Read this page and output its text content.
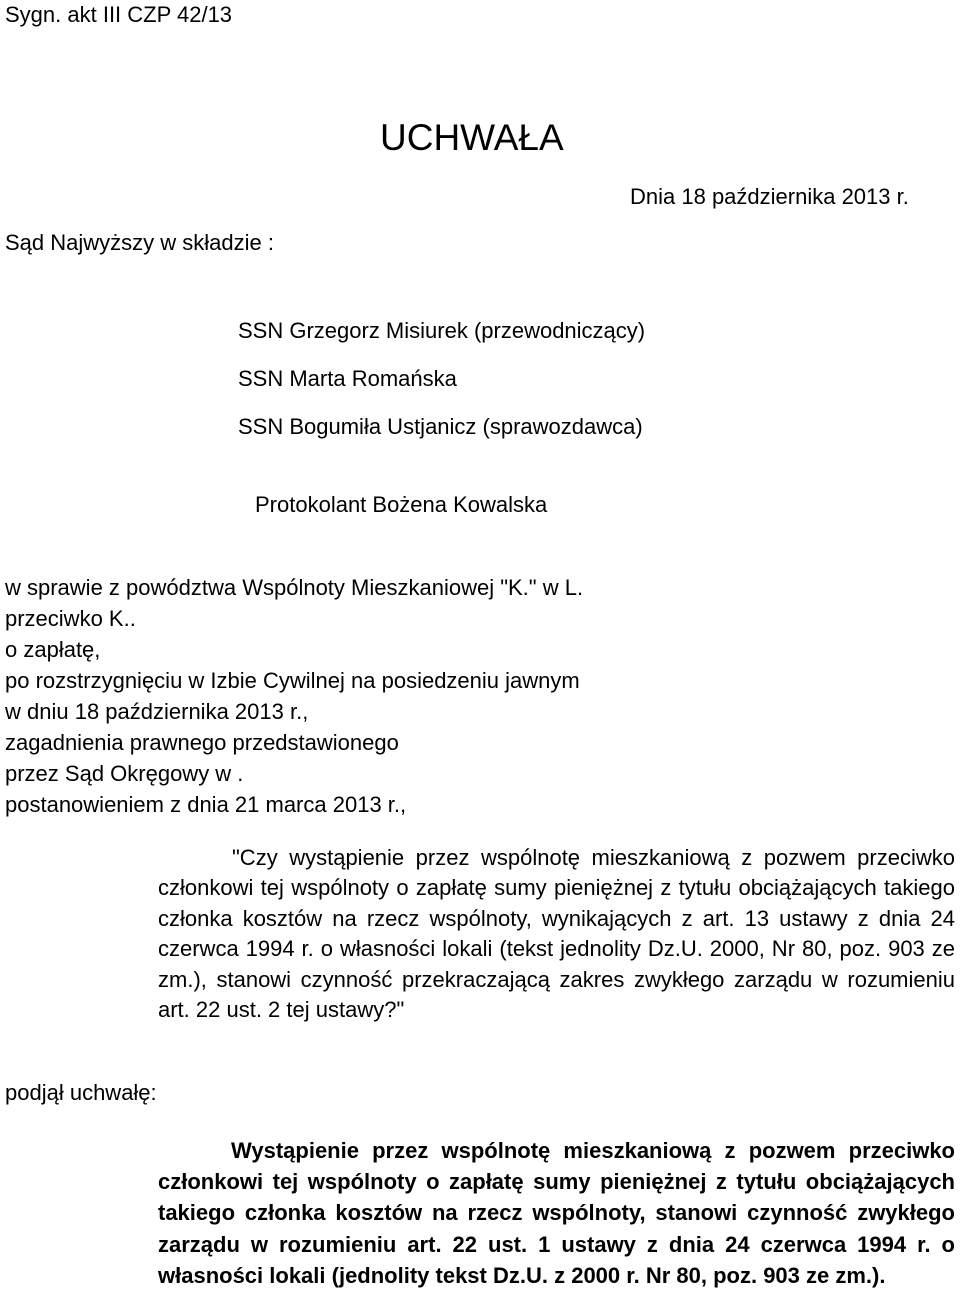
Sygn. akt III CZP 42/13
UCHWAŁA
Dnia 18 października 2013 r.
Sąd Najwyższy w składzie :
SSN Grzegorz Misiurek (przewodniczący)
SSN Marta Romańska
SSN Bogumiła Ustjanicz (sprawozdawca)
Protokolant Bożena Kowalska
w sprawie z powództwa Wspólnoty Mieszkaniowej "K." w L.
przeciwko K..
o zapłatę,
po rozstrzygnięciu w Izbie Cywilnej na posiedzeniu jawnym
w dniu 18 października 2013 r.,
zagadnienia prawnego przedstawionego
przez Sąd Okręgowy w .
postanowieniem z dnia 21 marca 2013 r.,
"Czy wystąpienie przez wspólnotę mieszkaniową z pozwem przeciwko członkowi tej wspólnoty o zapłatę sumy pieniężnej z tytułu obciążających takiego członka kosztów na rzecz wspólnoty, wynikających z art. 13 ustawy z dnia 24 czerwca 1994 r. o własności lokali (tekst jednolity Dz.U. 2000, Nr 80, poz. 903 ze zm.), stanowi czynność przekraczającą zakres zwykłego zarządu w rozumieniu art. 22 ust. 2 tej ustawy?"
podjął uchwałę:
Wystąpienie przez wspólnotę mieszkaniową z pozwem przeciwko członkowi tej wspólnoty o zapłatę sumy pieniężnej z tytułu obciążających takiego członka kosztów na rzecz wspólnoty, stanowi czynność zwykłego zarządu w rozumieniu art. 22 ust. 1 ustawy z dnia 24 czerwca 1994 r. o własności lokali (jednolity tekst Dz.U. z 2000 r. Nr 80, poz. 903 ze zm.).
